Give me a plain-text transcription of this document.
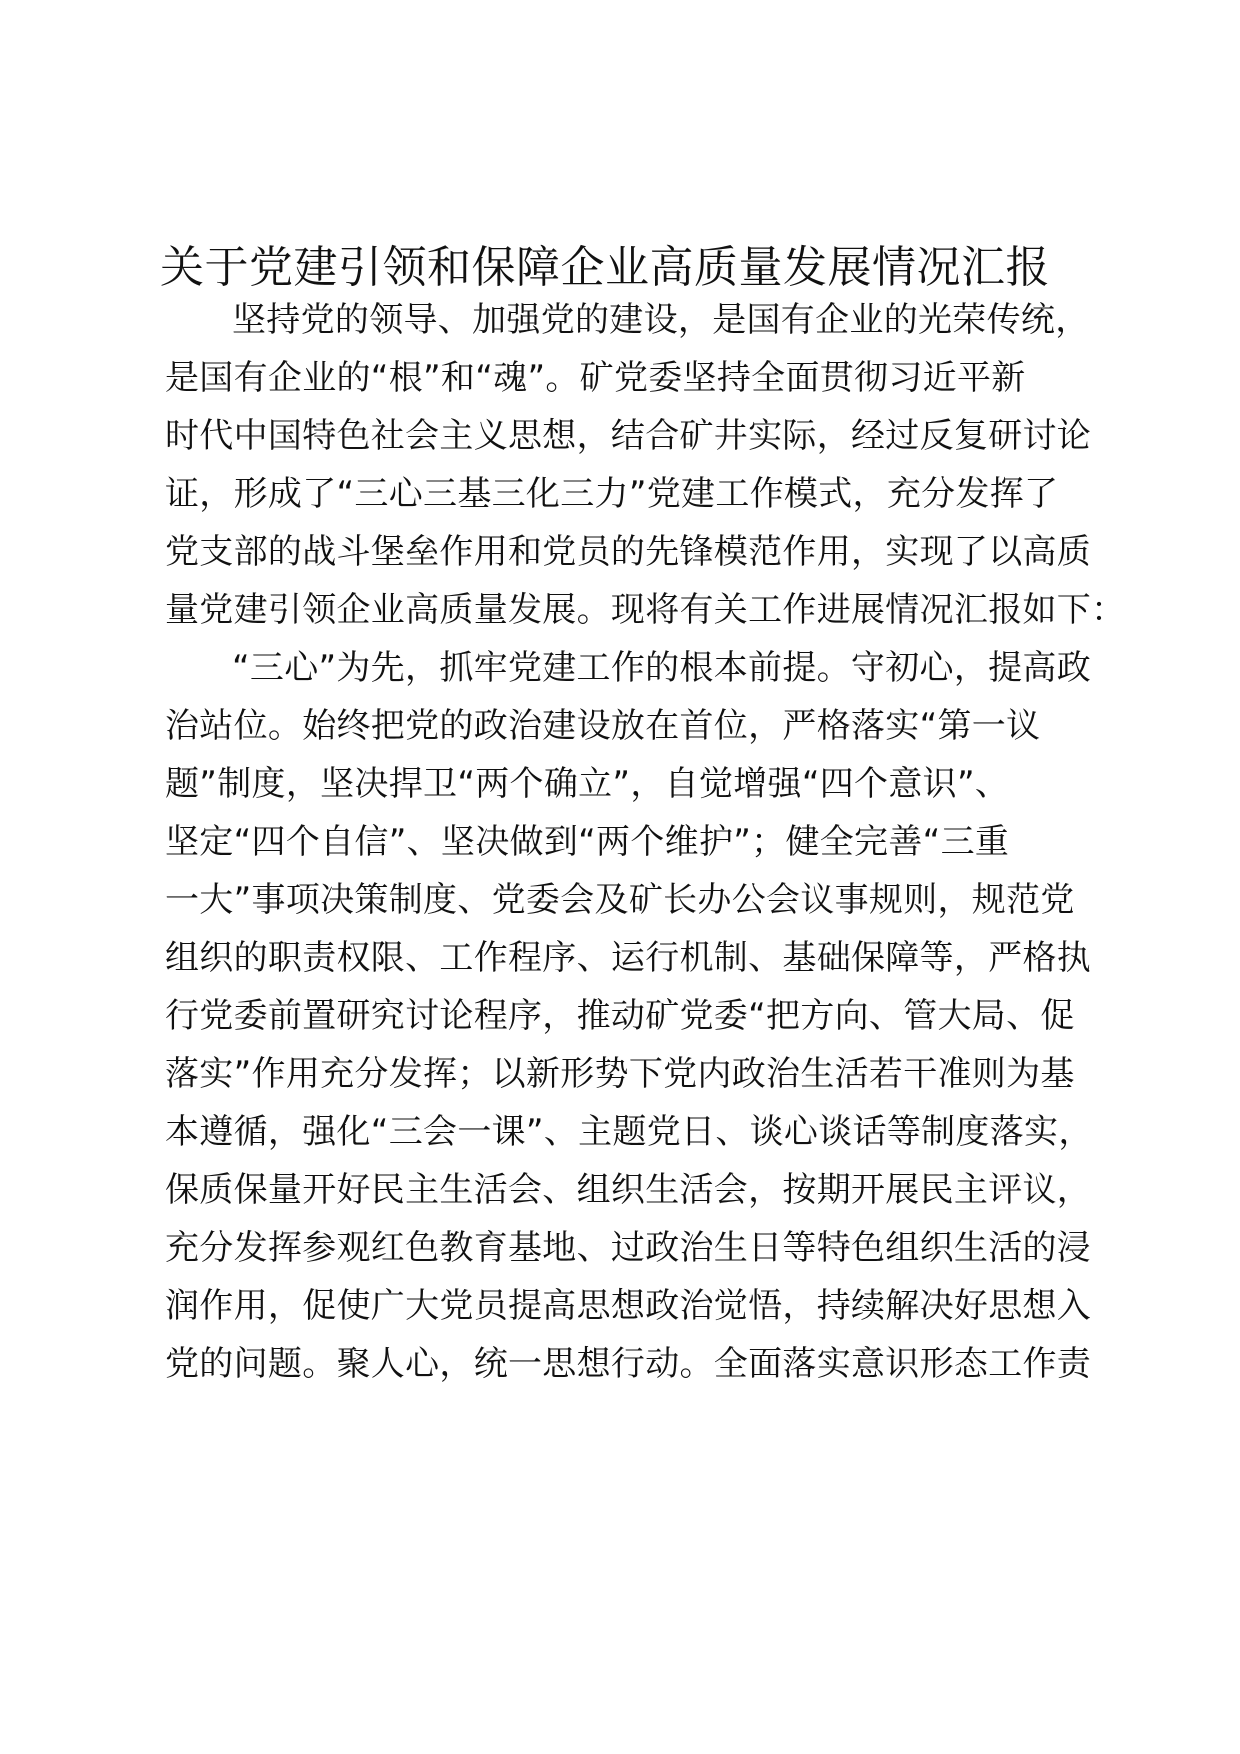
关于党建引领和保障企业高质量发展情况汇报
坚持党的领导、加强党的建设，是国有企业的光荣传统，
是国有企业的“根”和“魂”。矿党委坚持全面贯彻习近平新
时代中国特色社会主义思想，结合矿井实际，经过反复研讨论
证，形成了“三心三基三化三力”党建工作模式，充分发挥了
党支部的战斗堡垒作用和党员的先锋模范作用，实现了以高质
量党建引领企业高质量发展。现将有关工作进展情况汇报如下：
“三心”为先，抓牢党建工作的根本前提。守初心，提高政
治站位。始终把党的政治建设放在首位，严格落实“第一议
题”制度，坚决捍卫“两个确立”，自觉增强“四个意识”、
坚定“四个自信”、坚决做到“两个维护”；健全完善“三重
一大”事项决策制度、党委会及矿长办公会议事规则，规范党
组织的职责权限、工作程序、运行机制、基础保障等，严格执
行党委前置研究讨论程序，推动矿党委“把方向、管大局、促
落实”作用充分发挥；以新形势下党内政治生活若干准则为基
本遵循，强化“三会一课”、主题党日、谈心谈话等制度落实，
保质保量开好民主生活会、组织生活会，按期开展民主评议，
充分发挥参观红色教育基地、过政治生日等特色组织生活的浸
润作用，促使广大党员提高思想政治觉悟，持续解决好思想入
党的问题。聚人心，统一思想行动。全面落实意识形态工作责
